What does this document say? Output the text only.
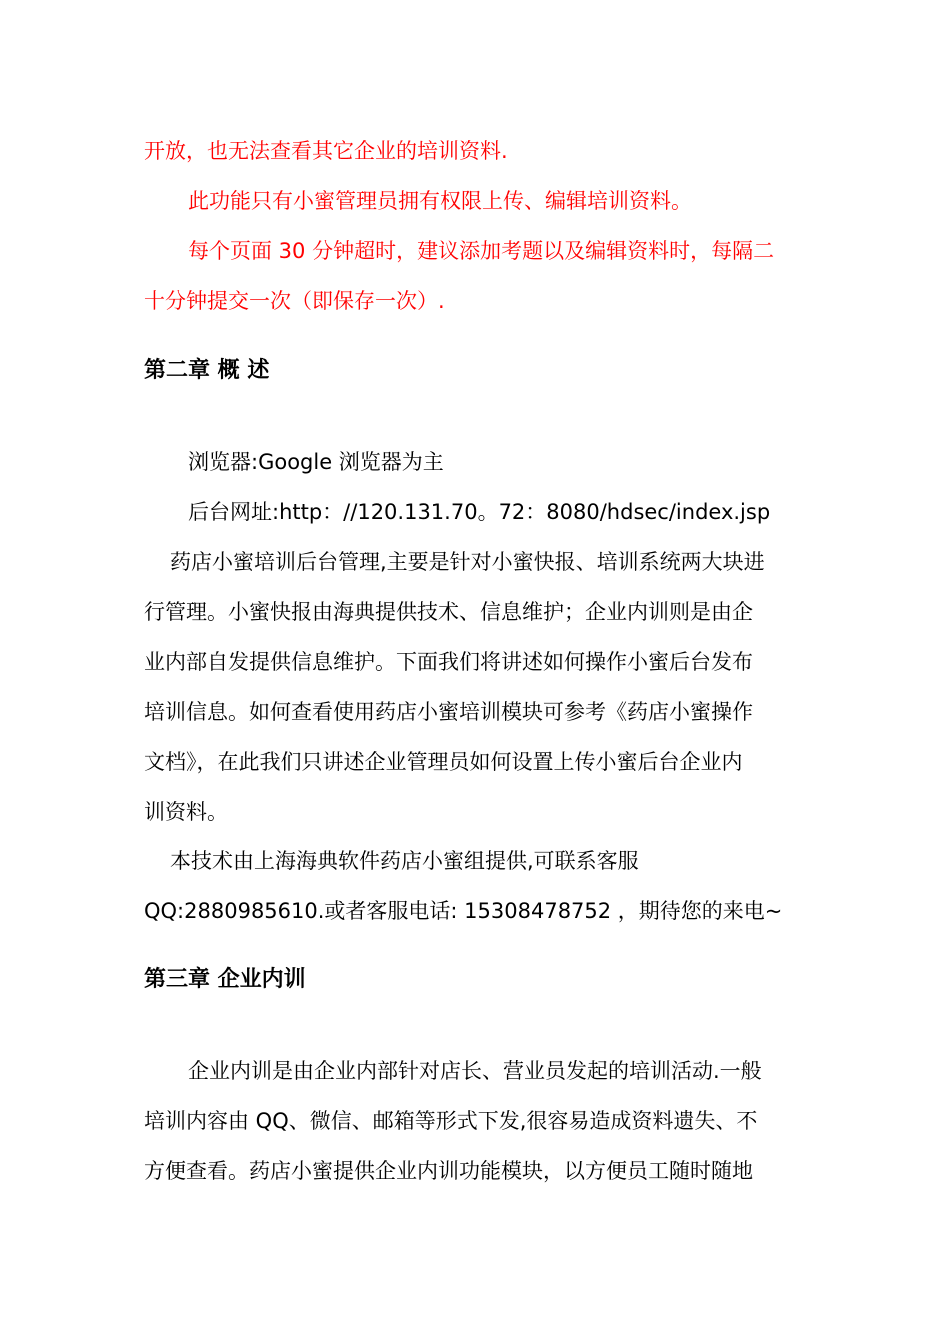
开放，也无法查看其它企业的培训资料.
此功能只有小蜜管理员拥有权限上传、编辑培训资料。
每个页面 30 分钟超时，建议添加考题以及编辑资料时，每隔二
十分钟提交一次（即保存一次）.
第二章 概 述
浏览器:Google 浏览器为主
后台网址:http：//120.131.70。72：8080/hdsec/index.jsp
药店小蜜培训后台管理,主要是针对小蜜快报、培训系统两大块进
行管理。小蜜快报由海典提供技术、信息维护；企业内训则是由企
业内部自发提供信息维护。下面我们将讲述如何操作小蜜后台发布
培训信息。如何查看使用药店小蜜培训模块可参考《药店小蜜操作
文档》，在此我们只讲述企业管理员如何设置上传小蜜后台企业内
训资料。
本技术由上海海典软件药店小蜜组提供,可联系客服
QQ:2880985610.或者客服电话: 15308478752 ，期待您的来电~
第三章 企业内训
企业内训是由企业内部针对店长、营业员发起的培训活动.一般
培训内容由 QQ、微信、邮箱等形式下发,很容易造成资料遗失、不
方便查看。药店小蜜提供企业内训功能模块，以方便员工随时随地
